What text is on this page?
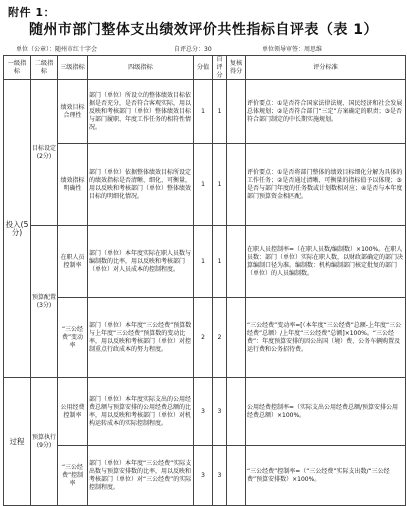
附件 1：
随州市部门整体支出绩效评价共性指标自评表（表 1）
单位（公章）：随州市红十字会	自评总分：30	单位领导审签：周思维
一级指标	二级指标	三级指标	四级指标	分值	自评分	复核得分	评分标准
投入(5分)	目标设定(2分)	绩效目标合理性	部门（单位）所设立的整体绩效目标依据是否充分，是否符合客观实际，用以反映和考核部门（单位）整体绩效目标与部门履职、年度工作任务的相符性情况。	1	1		评价要点：①是否符合国家法律法规、国民经济和社会发展总体规划；②是否符合部门“三定”方案确定的职责；③是否符合部门制定的中长期实施规划。
		绩效指标明确性	部门（单位）依据整体绩效目标所设定的绩效指标是否清晰、细化、可衡量，用以反映和考核部门（单位）整体绩效目标的明细化情况。	1	1		评价要点：①是否将部门整体的绩效目标细化分解为具体的工作任务；②是否通过清晰、可衡量的指标值予以体现；③是否与部门年度的任务数或计划数相对应；④是否与本年度部门预算资金相匹配。
	预算配置(3分)	在职人员控制率	部门（单位）本年度实际在职人员数与编制数的比率，用以反映和考核部门（单位）对人员成本的控制程度。	1	1		在职人员控制率=（在职人员数/编制数）×100%。在职人员数：部门（单位）实际在职人数，以财政部确定的部门决算编制口径为准。编制数：机构编制部门核定批复的部门（单位）的人员编制数。
		“三公经费”变动率	部门（单位）本年度“三公经费”预算数与上年度“三公经费”预算数的变动比率，用以反映和考核部门（单位）对控制重点行政成本的努力程度。	2	2		“三公经费”变动率=[（本年度“三公经费”总额-上年度“三公经费”总额）/上年度“三公经费”总额]×100%。“三公经费”：年度预算安排的因公出国（境）费、公务车辆购置及运行费和公务招待费。
过程	预算执行(9分)	公用经费控制率	部门（单位）本年度实际支出的公用经费总额与预算安排的公用经费总额的比率，用以反映和考核部门（单位）对机构运转成本的实际控制程度。	3	3		公用经费控制率=（实际支出公用经费总额/预算安排公用经费总额）×100%。
		“三公经费”控制率	部门（单位）本年度“三公经费”实际支出数与预算安排数的比率，用以反映和考核部门（单位）对“三公经费”的实际控制程度。	3	3		“三公经费”控制率=（“三公经费”实际支出数/“三公经费”预算安排数）×100%。
